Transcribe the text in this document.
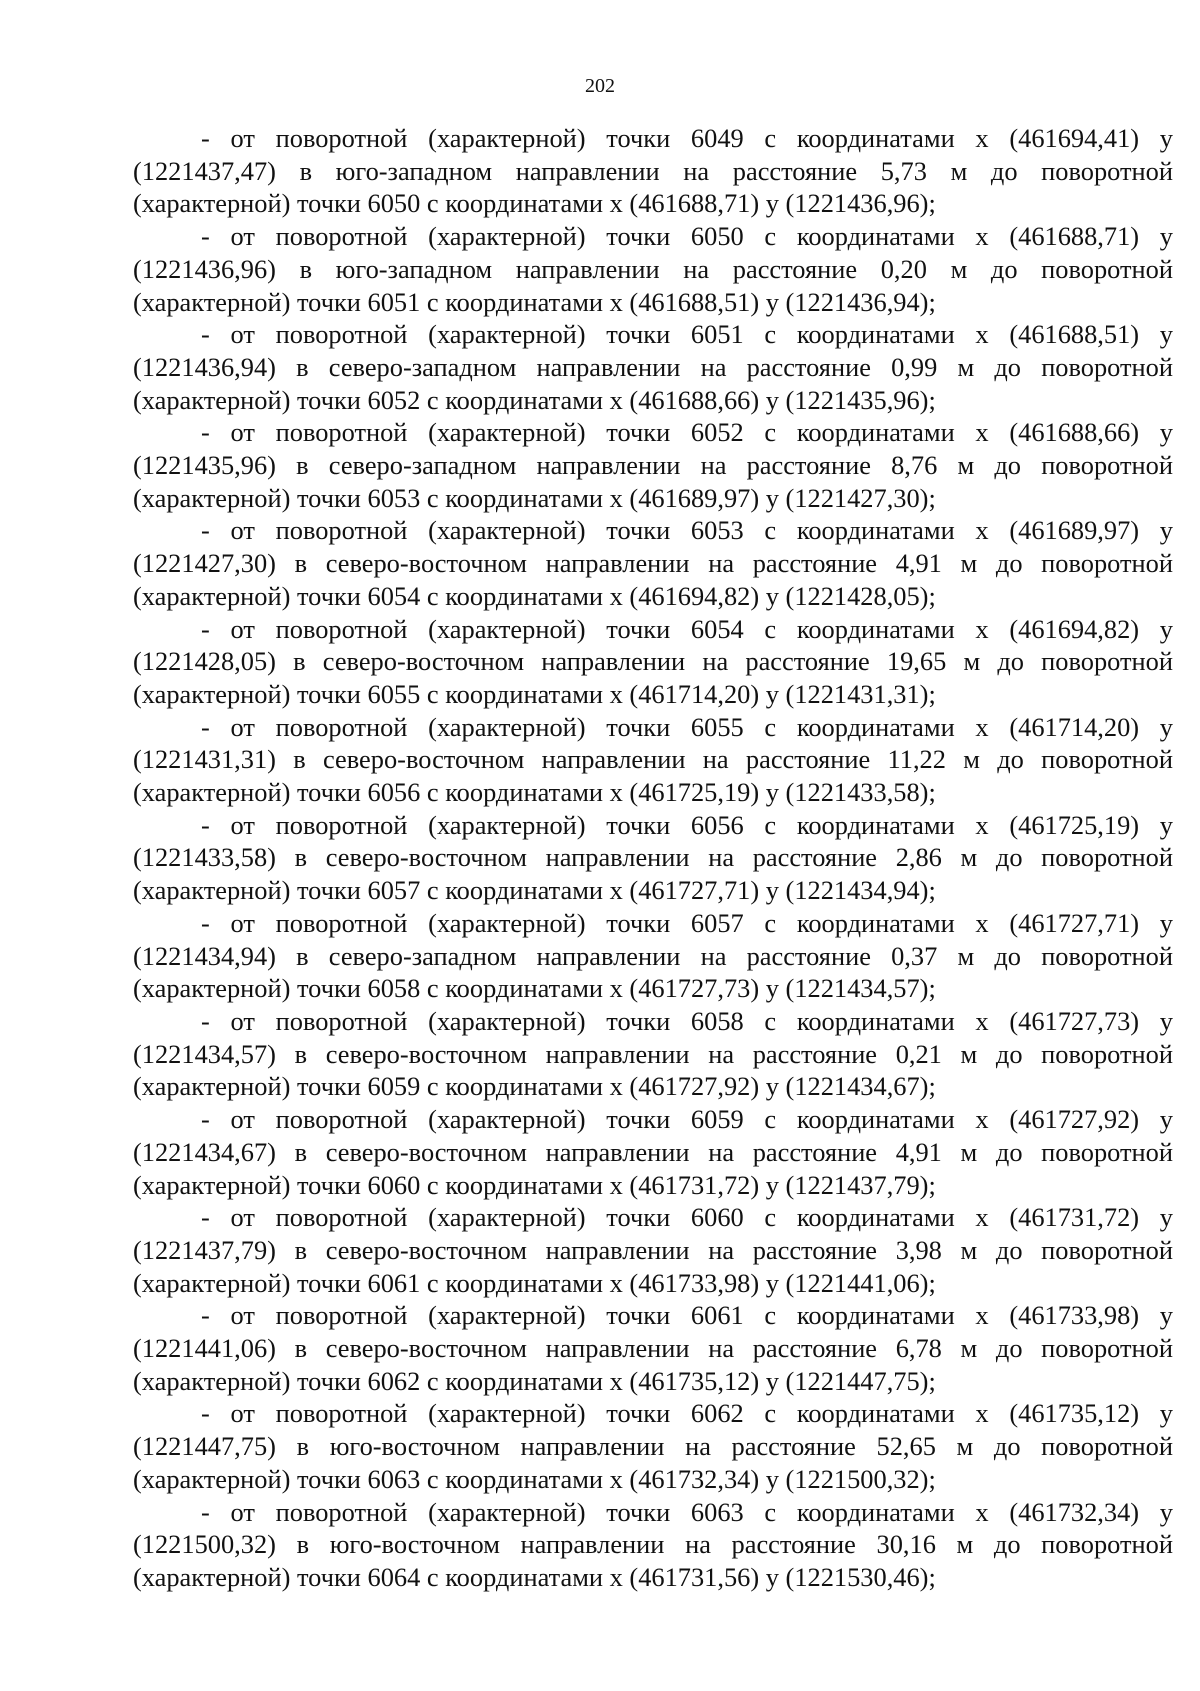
202

- от поворотной (характерной) точки 6049 с координатами x (461694,41) y (1221437,47) в юго-западном направлении на расстояние 5,73 м до поворотной (характерной) точки 6050 с координатами x (461688,71) y (1221436,96);

- от поворотной (характерной) точки 6050 с координатами x (461688,71) y (1221436,96) в юго-западном направлении на расстояние 0,20 м до поворотной (характерной) точки 6051 с координатами x (461688,51) y (1221436,94);

- от поворотной (характерной) точки 6051 с координатами x (461688,51) y (1221436,94) в северо-западном направлении на расстояние 0,99 м до поворотной (характерной) точки 6052 с координатами x (461688,66) y (1221435,96);

- от поворотной (характерной) точки 6052 с координатами x (461688,66) y (1221435,96) в северо-западном направлении на расстояние 8,76 м до поворотной (характерной) точки 6053 с координатами x (461689,97) y (1221427,30);

- от поворотной (характерной) точки 6053 с координатами x (461689,97) y (1221427,30) в северо-восточном направлении на расстояние 4,91 м до поворотной (характерной) точки 6054 с координатами x (461694,82) y (1221428,05);

- от поворотной (характерной) точки 6054 с координатами x (461694,82) y (1221428,05) в северо-восточном направлении на расстояние 19,65 м до поворотной (характерной) точки 6055 с координатами x (461714,20) y (1221431,31);

- от поворотной (характерной) точки 6055 с координатами x (461714,20) y (1221431,31) в северо-восточном направлении на расстояние 11,22 м до поворотной (характерной) точки 6056 с координатами x (461725,19) y (1221433,58);

- от поворотной (характерной) точки 6056 с координатами x (461725,19) y (1221433,58) в северо-восточном направлении на расстояние 2,86 м до поворотной (характерной) точки 6057 с координатами x (461727,71) y (1221434,94);

- от поворотной (характерной) точки 6057 с координатами x (461727,71) y (1221434,94) в северо-западном направлении на расстояние 0,37 м до поворотной (характерной) точки 6058 с координатами x (461727,73) y (1221434,57);

- от поворотной (характерной) точки 6058 с координатами x (461727,73) y (1221434,57) в северо-восточном направлении на расстояние 0,21 м до поворотной (характерной) точки 6059 с координатами x (461727,92) y (1221434,67);

- от поворотной (характерной) точки 6059 с координатами x (461727,92) y (1221434,67) в северо-восточном направлении на расстояние 4,91 м до поворотной (характерной) точки 6060 с координатами x (461731,72) y (1221437,79);

- от поворотной (характерной) точки 6060 с координатами x (461731,72) y (1221437,79) в северо-восточном направлении на расстояние 3,98 м до поворотной (характерной) точки 6061 с координатами x (461733,98) y (1221441,06);

- от поворотной (характерной) точки 6061 с координатами x (461733,98) y (1221441,06) в северо-восточном направлении на расстояние 6,78 м до поворотной (характерной) точки 6062 с координатами x (461735,12) y (1221447,75);

- от поворотной (характерной) точки 6062 с координатами x (461735,12) y (1221447,75) в юго-восточном направлении на расстояние 52,65 м до поворотной (характерной) точки 6063 с координатами x (461732,34) y (1221500,32);

- от поворотной (характерной) точки 6063 с координатами x (461732,34) y (1221500,32) в юго-восточном направлении на расстояние 30,16 м до поворотной (характерной) точки 6064 с координатами x (461731,56) y (1221530,46);
